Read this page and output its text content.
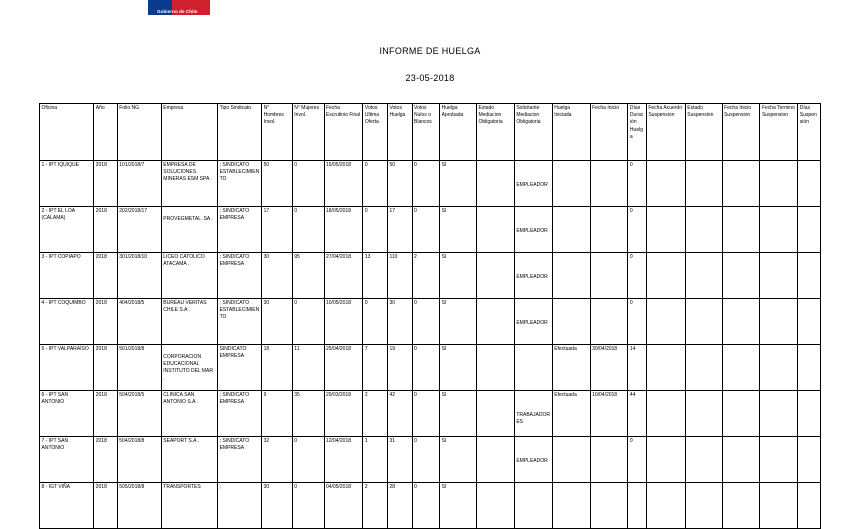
Gobierno de Chile
INFORME DE HUELGA
23-05-2018
Oficina	Año	Folio NG	Empresa	Tipo Sindicato	N° Hombres Invol.	N° Mujeres Invol.	Fecha Escrutinio Final	Votos Ultima Oferta	Votos Huelga	Votos Nulos o Blancos	Huelga Aprobada	Estado Mediacion Obligatoria	Solicitante Mediacion Obligatoria	Huelga Iniciada	Fecha Inicio	Días Duración Huelga	Fecha Acuerdo Suspension	Estado Suspension	Fecha Inicio Suspension	Fecha Termino Suspension	Días Suspensión
1 - IPT IQUIQUE	2018	101/2018/7	EMPRESA DE SOLUCIONES MINERAS ESM SPA .	; SINDICATO ESTABLECIMIENTO	50	0	15/05/2018	0	50	0	SI		EMPLEADOR			0					
2 - IPT EL LOA (CALAMA)	2018	202/2018/17	PROVEGMETAL .SA .	; SINDICATO EMPRESA	17	0	18/05/2018	0	17	0	SI		EMPLEADOR			0					
3 - IPT COPIAPO	2018	301/2018/10	LICEO CATOLICO ATACAMA .	; SINDICATO EMPRESA	30	95	27/04/2018	13	110	2	SI		EMPLEADOR			0					
4 - IPT COQUIMBO	2018	404/2018/5	BUREAU VERITAS CHILE S.A .	; SINDICATO ESTABLECIMIENTO	30	0	10/05/2018	0	30	0	SI		EMPLEADOR			0					
5 - IPT VALPARAISO	2018	501/2018/8	CORPORACION EDUCACIONAL INSTITUTO DEL MAR .	SINDICATO EMPRESA	18	11	25/04/2018	7	19	0	SI			Efectuada	30/04/2018	14					
6 - IPT SAN ANTONIO	2018	504/2018/5	CLINICA SAN ANTONIO S.A .	; SINDICATO EMPRESA	9	35	29/03/2018	2	42	0	SI		TRABAJADORES	Efectuada	10/04/2018	44					
7 - IPT SAN ANTONIO	2018	504/2018/8	SEAPORT S.A .	; SINDICATO EMPRESA	32	0	12/04/2018	1	31	0	SI		EMPLEADOR			0					
8 - IGT VIÑA	2018	505/2018/8	TRANSPORTES	;	30	0	04/05/2018	2	28	0	SI		
